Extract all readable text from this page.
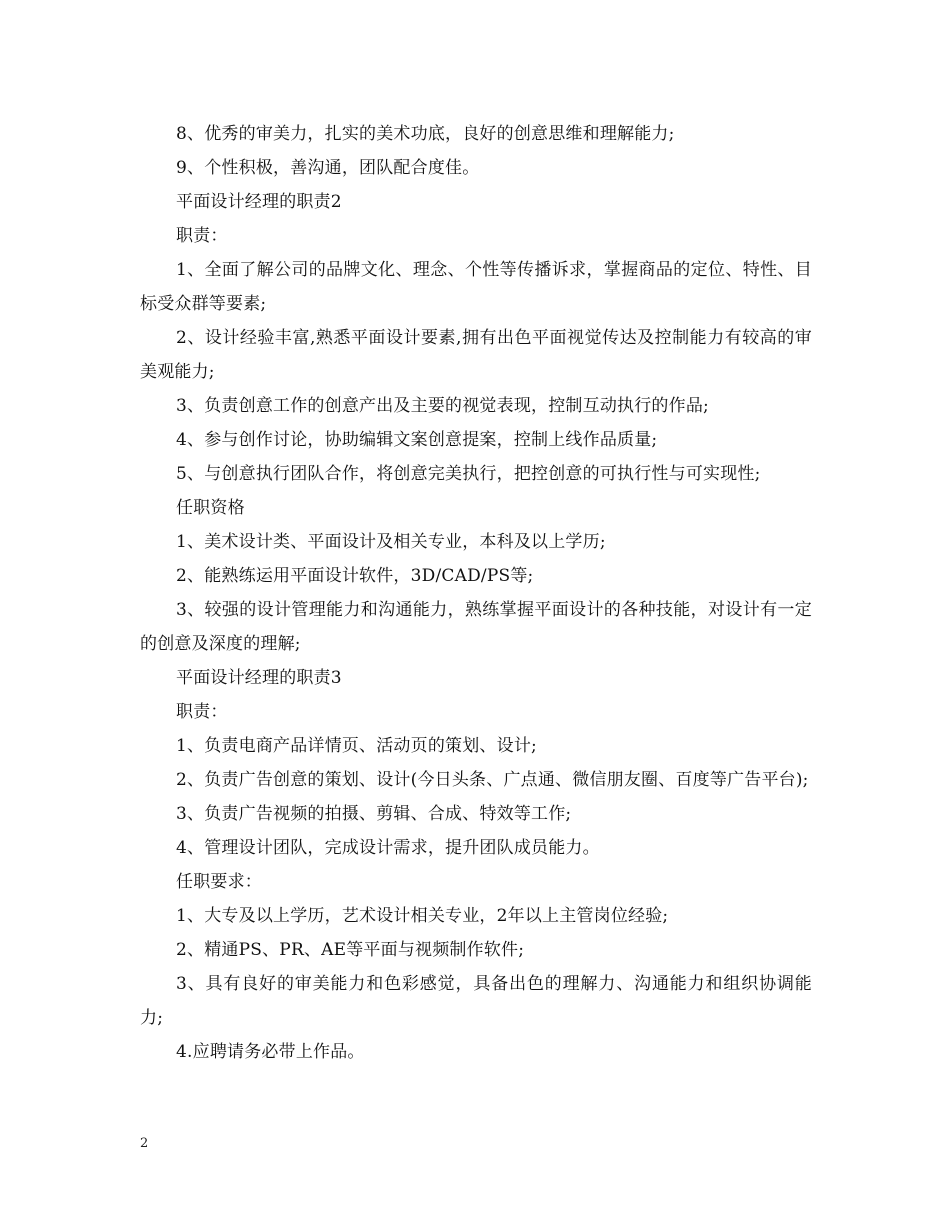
8、优秀的审美力，扎实的美术功底，良好的创意思维和理解能力;

9、个性积极，善沟通，团队配合度佳。

平面设计经理的职责2

职责：

1、全面了解公司的品牌文化、理念、个性等传播诉求，掌握商品的定位、特性、目标受众群等要素;

2、设计经验丰富,熟悉平面设计要素,拥有出色平面视觉传达及控制能力有较高的审美观能力;

3、负责创意工作的创意产出及主要的视觉表现，控制互动执行的作品;

4、参与创作讨论，协助编辑文案创意提案，控制上线作品质量;

5、与创意执行团队合作，将创意完美执行，把控创意的可执行性与可实现性;

任职资格

1、美术设计类、平面设计及相关专业，本科及以上学历;

2、能熟练运用平面设计软件，3D/CAD/PS等;

3、较强的设计管理能力和沟通能力，熟练掌握平面设计的各种技能，对设计有一定的创意及深度的理解;

平面设计经理的职责3

职责：

1、负责电商产品详情页、活动页的策划、设计;

2、负责广告创意的策划、设计(今日头条、广点通、微信朋友圈、百度等广告平台);

3、负责广告视频的拍摄、剪辑、合成、特效等工作;

4、管理设计团队，完成设计需求，提升团队成员能力。

任职要求：

1、大专及以上学历，艺术设计相关专业，2年以上主管岗位经验;

2、精通PS、PR、AE等平面与视频制作软件;

3、具有良好的审美能力和色彩感觉，具备出色的理解力、沟通能力和组织协调能力;

4.应聘请务必带上作品。

2
